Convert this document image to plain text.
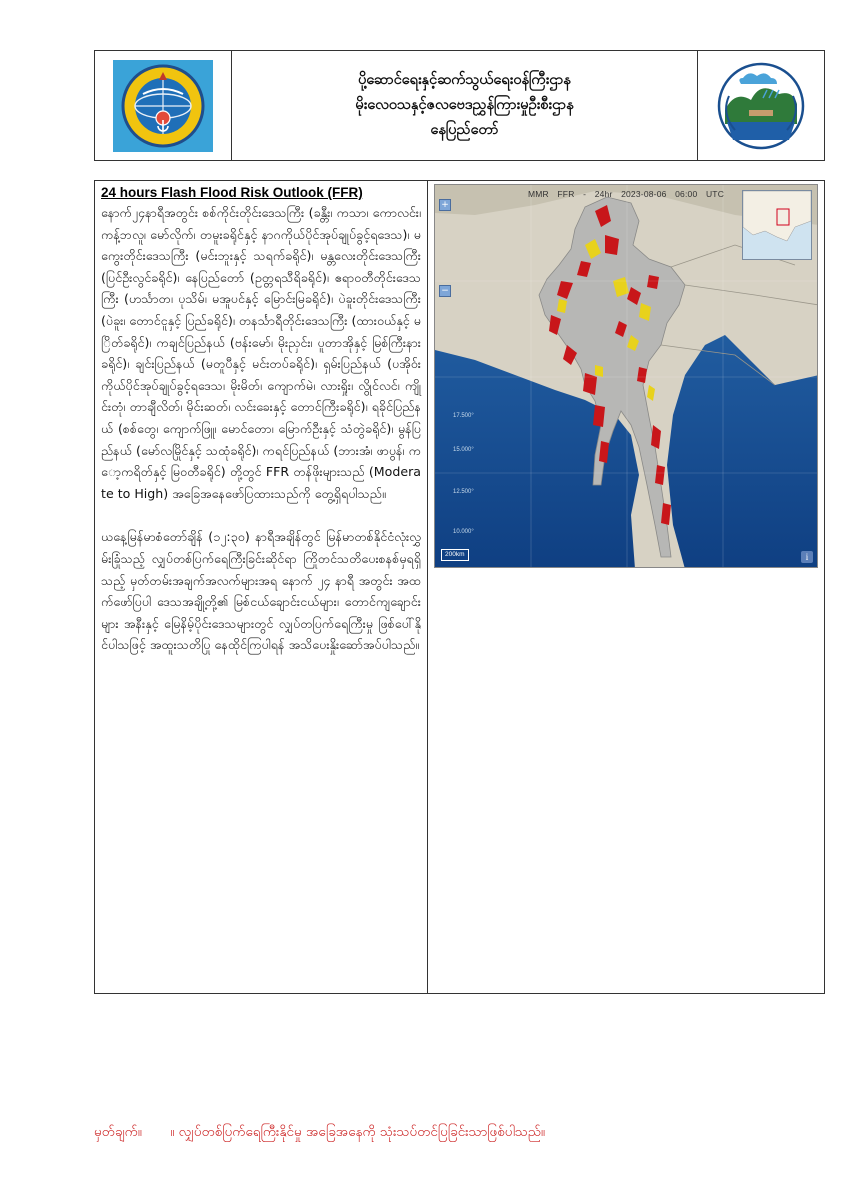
ပို့ဆောင်ရေးနှင့်ဆက်သွယ်ရေးဝန်ကြီးဌာန
မိုးလေဝသနှင့်ဇလဗေဒညွှန်ကြားမှုဦးစီးဌာန
နေပြည်တော်
24 hours Flash Flood Risk Outlook (FFR)

နောက်၂၄နာရီအတွင်း စစ်ကိုင်းတိုင်းဒေသကြီး (ခန္တီး၊ ကသာ၊ ကောလင်း၊ ကန့်ဘလူ၊ မော်လိုက်၊ တမူးခရိုင်နှင့် နာဂကိုယ်ပိုင်အုပ်ချုပ်ခွင့်ရဒေသ)၊ မကွေးတိုင်းဒေသကြီး (မင်းဘူးနှင့် သရက်ခရိုင်)၊ မန္တလေးတိုင်းဒေသကြီး (ပြင်ဦးလွင်ခရိုင်)၊ နေပြည်တော် (ဥတ္တရသီရိခရိုင်)၊ ဧရာဝတီတိုင်းဒေသကြီး (ဟင်္သာတ၊ ပုသိမ်၊ မအူပင်နှင့် မြောင်းမြခရိုင်)၊ ပဲခူးတိုင်းဒေသကြီး (ပဲခူး၊ တောင်ငူနှင့် ပြည်ခရိုင်)၊ တနင်္သာရီတိုင်းဒေသကြီး (ထားဝယ်နှင့် မြိတ်ခရိုင်)၊ ကချင်ပြည်နယ် (ဗန်းမော်၊ မိုးညှင်း၊ ပူတာအိုနှင့် မြစ်ကြီးနားခရိုင်)၊ ချင်းပြည်နယ် (မတူပီနှင့် မင်းတပ်ခရိုင်)၊ ရှမ်းပြည်နယ် (ပအိုဝ်းကိုယ်ပိုင်အုပ်ချုပ်ခွင့်ရဒေသ၊ မိုးမိတ်၊ ကျောက်မဲ၊ လားရှိုး၊ လွိုင်လင်၊ ကျိုင်းတုံ၊ တာချီလိတ်၊ မိုင်းဆတ်၊ လင်းခေးနှင့် တောင်ကြီးခရိုင်)၊ ရခိုင်ပြည်နယ် (စစ်တွေ၊ ကျောက်ဖြူ၊ မောင်တော၊ မြောက်ဦးနှင့် သံတွဲခရိုင်)၊ မွန်ပြည်နယ် (မော်လမြိုင်နှင့် သထုံခရိုင်)၊ ကရင်ပြည်နယ် (ဘားအံ၊ ဖာပွန်၊ ကော့ကရိတ်နှင့် မြဝတီခရိုင်) တို့တွင် FFR တန်ဖိုးများသည် (Moderate to High) အခြေအနေဖော်ပြထားသည်ကို တွေ့ရှိရပါသည်။

ယနေ့မြန်မာစံတော်ချိန် (၁၂:၃၀) နာရီအချိန်တွင် မြန်မာတစ်နိုင်ငံလုံးလွှမ်းခြုံသည့် လျှပ်တစ်ပြက်ရေကြီးခြင်းဆိုင်ရာ ကြိုတင်သတိပေးစနစ်မှရရှိသည့် မှတ်တမ်းအချက်အလက်များအရ နောက် ၂၄ နာရီ အတွင်း အထက်ဖော်ပြပါ ဒေသအချို့တို့၏ မြစ်ငယ်ချောင်းငယ်များ၊ တောင်ကျချောင်းများ အနီးနှင့် မြေနိမ့်ပိုင်းဒေသများတွင် လျှပ်တပြက်ရေကြီးမှု ဖြစ်ပေါ်နိုင်ပါသဖြင့် အထူးသတိပြု နေထိုင်ကြပါရန် အသိပေးနှိုးဆော်အပ်ပါသည်။

MMR FFR - 24hr 2023-08-06 06:00 UTC
+
−
17.500°
15.000°
12.500°
10.000°
200km	i
မှတ်ချက်။ ။ လျှပ်တစ်ပြက်ရေကြီးနိုင်မှု အခြေအနေကို သုံးသပ်တင်ပြခြင်းသာဖြစ်ပါသည်။
